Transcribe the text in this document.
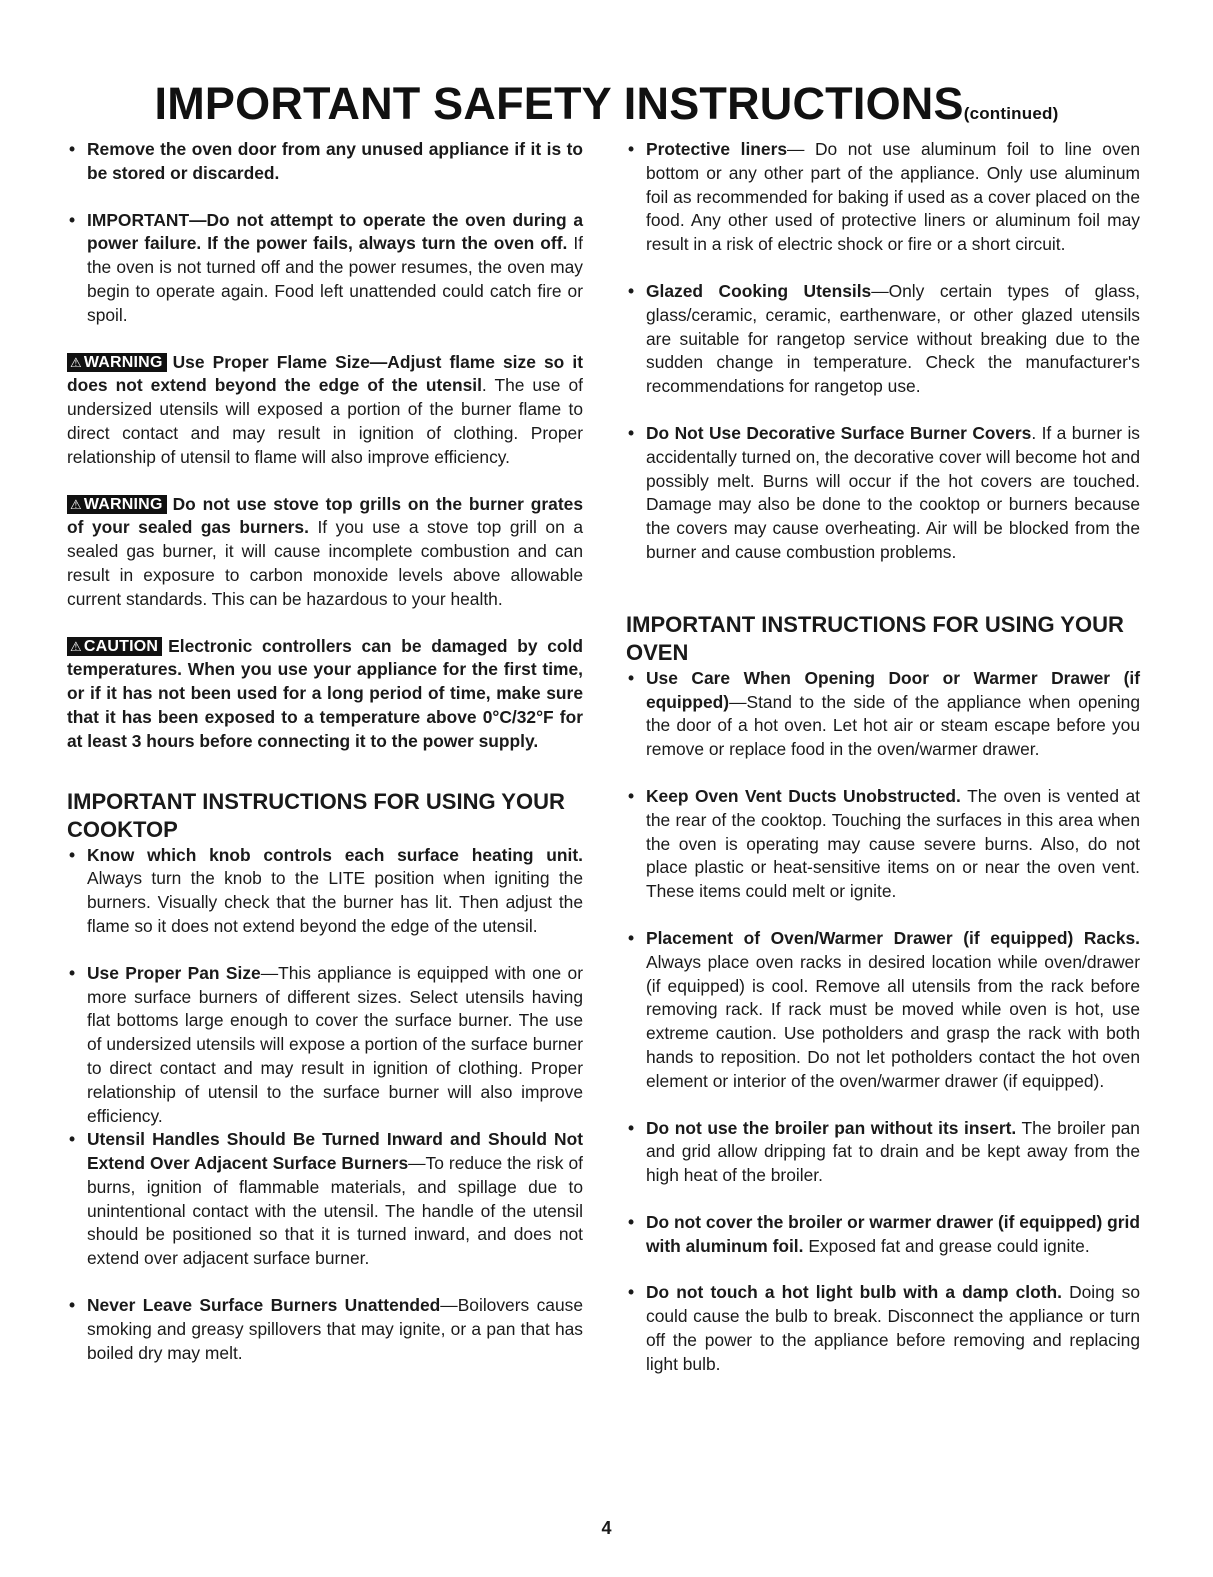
IMPORTANT SAFETY INSTRUCTIONS(continued)
• Remove the oven door from any unused appliance if it is to be stored or discarded.
• IMPORTANT—Do not attempt to operate the oven during a power failure. If the power fails, always turn the oven off. If the oven is not turned off and the power resumes, the oven may begin to operate again. Food left unattended could catch fire or spoil.
⚠ WARNING Use Proper Flame Size—Adjust flame size so it does not extend beyond the edge of the utensil. The use of undersized utensils will exposed a portion of the burner flame to direct contact and may result in ignition of clothing. Proper relationship of utensil to flame will also improve efficiency.
⚠ WARNING Do not use stove top grills on the burner grates of your sealed gas burners. If you use a stove top grill on a sealed gas burner, it will cause incomplete combustion and can result in exposure to carbon monoxide levels above allowable current standards. This can be hazardous to your health.
⚠ CAUTION Electronic controllers can be damaged by cold temperatures. When you use your appliance for the first time, or if it has not been used for a long period of time, make sure that it has been exposed to a temperature above 0°C/32°F for at least 3 hours before connecting it to the power supply.
IMPORTANT INSTRUCTIONS FOR USING YOUR COOKTOP
• Know which knob controls each surface heating unit. Always turn the knob to the LITE position when igniting the burners. Visually check that the burner has lit. Then adjust the flame so it does not extend beyond the edge of the utensil.
• Use Proper Pan Size—This appliance is equipped with one or more surface burners of different sizes. Select utensils having flat bottoms large enough to cover the surface burner. The use of undersized utensils will expose a portion of the surface burner to direct contact and may result in ignition of clothing. Proper relationship of utensil to the surface burner will also improve efficiency.
• Utensil Handles Should Be Turned Inward and Should Not Extend Over Adjacent Surface Burners—To reduce the risk of burns, ignition of flammable materials, and spillage due to unintentional contact with the utensil. The handle of the utensil should be positioned so that it is turned inward, and does not extend over adjacent surface burner.
• Never Leave Surface Burners Unattended—Boilovers cause smoking and greasy spillovers that may ignite, or a pan that has boiled dry may melt.
• Protective liners— Do not use aluminum foil to line oven bottom or any other part of the appliance. Only use aluminum foil as recommended for baking if used as a cover placed on the food. Any other used of protective liners or aluminum foil may result in a risk of electric shock or fire or a short circuit.
• Glazed Cooking Utensils—Only certain types of glass, glass/ceramic, ceramic, earthenware, or other glazed utensils are suitable for rangetop service without breaking due to the sudden change in temperature. Check the manufacturer's recommendations for rangetop use.
• Do Not Use Decorative Surface Burner Covers. If a burner is accidentally turned on, the decorative cover will become hot and possibly melt. Burns will occur if the hot covers are touched. Damage may also be done to the cooktop or burners because the covers may cause overheating. Air will be blocked from the burner and cause combustion problems.
IMPORTANT INSTRUCTIONS FOR USING YOUR OVEN
• Use Care When Opening Door or Warmer Drawer (if equipped)—Stand to the side of the appliance when opening the door of a hot oven. Let hot air or steam escape before you remove or replace food in the oven/warmer drawer.
• Keep Oven Vent Ducts Unobstructed. The oven is vented at the rear of the cooktop. Touching the surfaces in this area when the oven is operating may cause severe burns. Also, do not place plastic or heat-sensitive items on or near the oven vent. These items could melt or ignite.
• Placement of Oven/Warmer Drawer (if equipped) Racks. Always place oven racks in desired location while oven/drawer (if equipped) is cool. Remove all utensils from the rack before removing rack. If rack must be moved while oven is hot, use extreme caution. Use potholders and grasp the rack with both hands to reposition. Do not let potholders contact the hot oven element or interior of the oven/warmer drawer (if equipped).
• Do not use the broiler pan without its insert. The broiler pan and grid allow dripping fat to drain and be kept away from the high heat of the broiler.
• Do not cover the broiler or warmer drawer (if equipped) grid with aluminum foil. Exposed fat and grease could ignite.
• Do not touch a hot light bulb with a damp cloth. Doing so could cause the bulb to break. Disconnect the appliance or turn off the power to the appliance before removing and replacing light bulb.
4
